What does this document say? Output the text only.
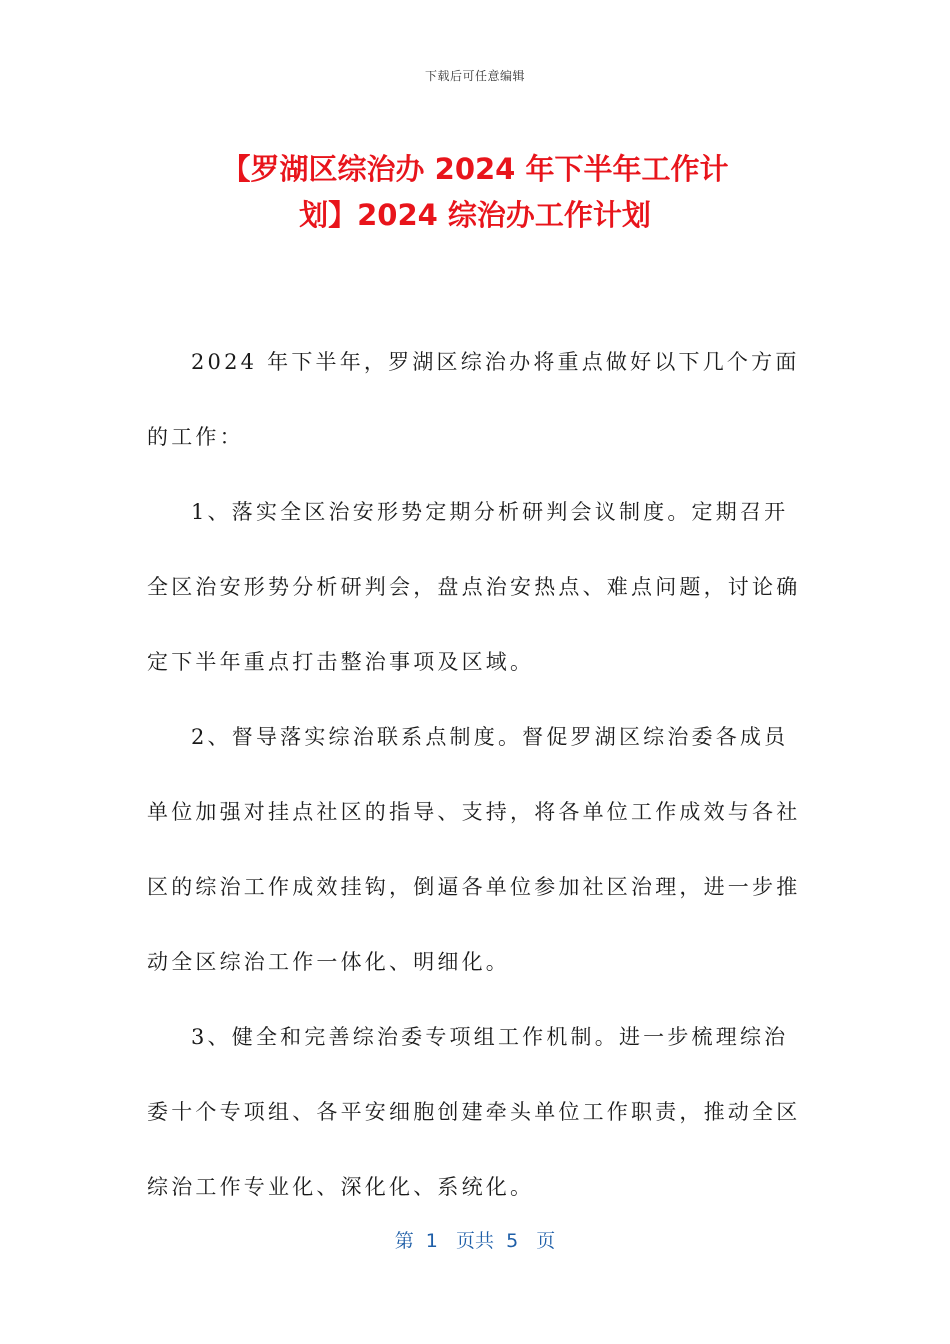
下载后可任意编辑
【罗湖区综治办 2024 年下半年工作计
划】2024 综治办工作计划

2024 年下半年，罗湖区综治办将重点做好以下几个方面的工作：

1、落实全区治安形势定期分析研判会议制度。定期召开全区治安形势分析研判会，盘点治安热点、难点问题，讨论确定下半年重点打击整治事项及区域。

2、督导落实综治联系点制度。督促罗湖区综治委各成员单位加强对挂点社区的指导、支持，将各单位工作成效与各社区的综治工作成效挂钩，倒逼各单位参加社区治理，进一步推动全区综治工作一体化、明细化。

3、健全和完善综治委专项组工作机制。进一步梳理综治委十个专项组、各平安细胞创建牵头单位工作职责，推动全区综治工作专业化、深化化、系统化。

第  1   页共  5   页
